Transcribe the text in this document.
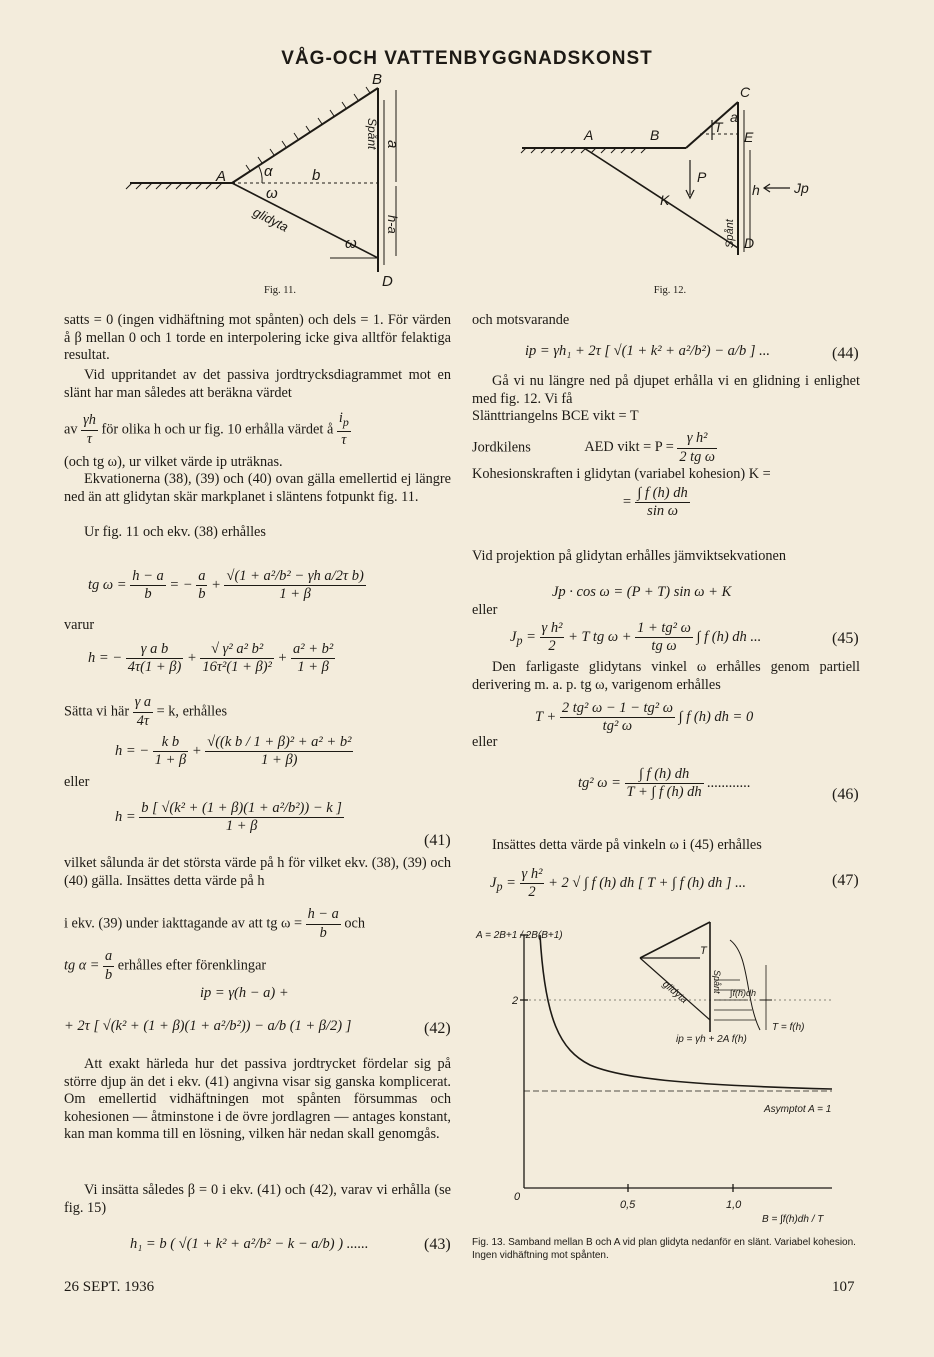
VÅG-OCH VATTENBYGGNADSKONST
A
B
D
α	b
ω
ω
glidyta
Spånt a
h-a
A	B
C
D
E
T
P
K
a
h Jp
Spånt
A = 2B+1 / 2B(B+1)
2
0
0,5	1,0
Asymptot A = 1
ip = γh + 2A f(h)
T = f(h)
T
glidyta	Spånt ∫f(h)dh
B = ∫f(h)dh / T
Fig. 11.	Fig. 12.
Fig. 13. Samband mellan B och A vid plan glidyta nedanför en slänt. Variabel kohesion. Ingen vidhäftning mot spånten.

satts = 0 (ingen vidhäftning mot spånten) och dels = 1. För värden å β mellan 0 och 1 torde en interpolering icke giva alltför felaktiga resultat.

Vid uppritandet av det passiva jordtrycksdiagrammet mot en slänt har man således att beräkna värdet

av $\frac{\gamma h}{\tau}$ för olika h och ur fig. 10 erhålla värdet å $\frac{i_p}{\tau}$

(och tg ω), ur vilket värde ip uträknas.

Ekvationerna (38), (39) och (40) ovan gälla emellertid ej längre ned än att glidytan skär markplanet i släntens fotpunkt fig. 11.

Ur fig. 11 och ekv. (38) erhålles

tg $\omega = \frac{h - a}{b}$ = − $\frac{a}{b} + \frac{\text{√(1 + a²/b² − γh a/2τ b)}}{1 + \beta}$
varur
h = − $\frac{\text{γ a b}}{4\tau(1 + \beta)} + \frac{\text{√ γ² a² b²}}{\text{16τ²(1 + β)²}} + \frac{\text{a² + b²}}{1 + \beta}$
Sätta vi här $\frac{\text{γ a}}{4\tau} = k$, erhålles
h = − $\frac{\text{k b}}{1 + \beta} + \frac{\text{√((k b / 1 + β)² + a² + b²}}{1 + \beta)}$
eller
$h = \frac{\text{b [ √(k² + (1 + β)(1 + a²/b²)) − k ]}}{1 + \beta}$
(41)

vilket sålunda är det största värde på h för vilket ekv. (38), (39) och (40) gälla. Insättes detta värde på h

i ekv. (39) under iakttagande av att tg $\omega = \frac{h - a}{b}$ och
tg $\alpha = \frac{a}{b}$ erhålles efter förenklingar
ip = γ(h − a) +
+ 2τ [ √(k² + (1 + β)(1 + a²/b²)) − a/b (1 + β/2) ]	(42)

Att exakt härleda hur det passiva jordtrycket fördelar sig på större djup än det i ekv. (41) angivna visar sig ganska komplicerat. Om emellertid vidhäftningen mot spånten försummas och kohesionen — åtminstone i de övre jordlagren — antages konstant, kan man komma till en lösning, vilken här nedan skall genomgås.

Vi insätta således β = 0 i ekv. (41) och (42), varav vi erhålla (se fig. 15)

h₁ = b ( √(1 + k² + a²/b² − k − a/b) ) ......	(43)
och motsvarande
ip = γh₁ + 2τ [ √(1 + k² + a²/b²) − a/b ] ...	(44)
Gå vi nu längre ned på djupet erhålla vi en glidning i enlighet med fig. 12. Vi få
Slänttriangelns BCE vikt = T
Jordkilens	AED vikt = $P = \frac{\text{γ h²}}{\text{2 tg ω}}$
Kohesionskraften i glidytan (variabel kohesion) K =
= $\frac{\int f (h) dh}{\text{sin ω}}$
Vid projektion på glidytan erhålles jämviktsekvationen
Jp · cos ω = (P + T) sin ω + K
eller
$J_p = \frac{\text{γ h²}}{2} + T$ tg $\omega + \frac{\text{1 + tg² ω}}{\text{tg ω}}$ ∫ f (h) dh ...	(45)
Den farligaste glidytans vinkel ω erhålles genom partiell derivering m. a. p. tg ω, varigenom erhålles
$T + \frac{\text{2 tg² ω − 1 − tg² ω}}{\text{tg² ω}}$ ∫ f (h) dh = 0
eller
tg² $\omega = \frac{\int f (h) dh}{T + \int f (h) dh}$ ............
(46)
Insättes detta värde på vinkeln ω i (45) erhålles
$J_p = \frac{\text{γ h²}}{2} + 2$ √ ∫ f (h) dh [ T + ∫ f (h) dh ] ...	(47)
26 SEPT. 1936	107
